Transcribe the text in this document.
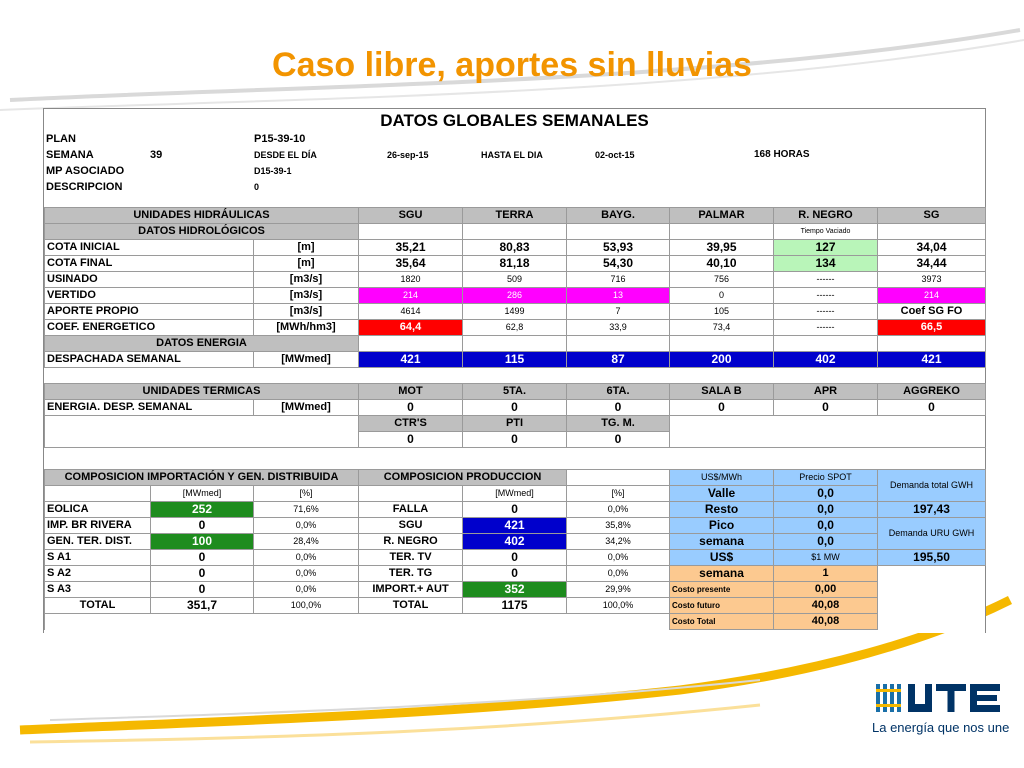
Caso libre, aportes sin lluvias
DATOS GLOBALES SEMANALES
PLAN	P15-39-10
SEMANA	39	DESDE EL DÍA	26-sep-15	HASTA EL DIA	02-oct-15	168 HORAS
MP ASOCIADO	D15-39-1
DESCRIPCION	0
UNIDADES HIDRÁULICAS		SGU	TERRA	BAYG.	PALMAR	R. NEGRO	SG
DATOS HIDROLÓGICOS						Tiempo Vaciado	
COTA INICIAL	[m]	35,21	80,83	53,93	39,95	127	34,04
COTA FINAL	[m]	35,64	81,18	54,30	40,10	134	34,44
USINADO	[m3/s]	1820	509	716	756	------	3973
VERTIDO	[m3/s]	214	286	13	0	------	214
APORTE PROPIO	[m3/s]	4614	1499	7	105	------	Coef SG FO
COEF. ENERGETICO	[MWh/hm3]	64,4	62,8	33,9	73,4	------	66,5
DATOS ENERGIA							
DESPACHADA SEMANAL	[MWmed]	421	115	87	200	402	421

UNIDADES TERMICAS		MOT	5TA.	6TA.	SALA B	APR	AGGREKO
ENERGIA. DESP. SEMANAL	[MWmed]	0	0	0	0	0	0
		CTR'S	PTI	TG. M.			
		0	0	0			

COMPOSICION IMPORTACIÓN Y GEN. DISTRIBUIDA			COMPOSICION PRODUCCION			US$/MWh	Precio SPOT	Demanda total GWH
	[MWmed]	[%]		[MWmed]	[%]	Valle	0,0	
EOLICA	252	71,6%	FALLA	0	0,0%	Resto	0,0	197,43
IMP. BR RIVERA	0	0,0%	SGU	421	35,8%	Pico	0,0	Demanda URU GWH
GEN. TER. DIST.	100	28,4%	R. NEGRO	402	34,2%	semana	0,0	
S A1	0	0,0%	TER. TV	0	0,0%	US$	$1 MW	195,50
S A2	0	0,0%	TER. TG	0	0,0%	semana	1	
S A3	0	0,0%	IMPORT.+ AUT	352	29,9%	Costo presente	0,00	
TOTAL	351,7	100,0%	TOTAL	1175	100,0%	Costo futuro	40,08	
						Costo Total	40,08	
La energía que nos une
